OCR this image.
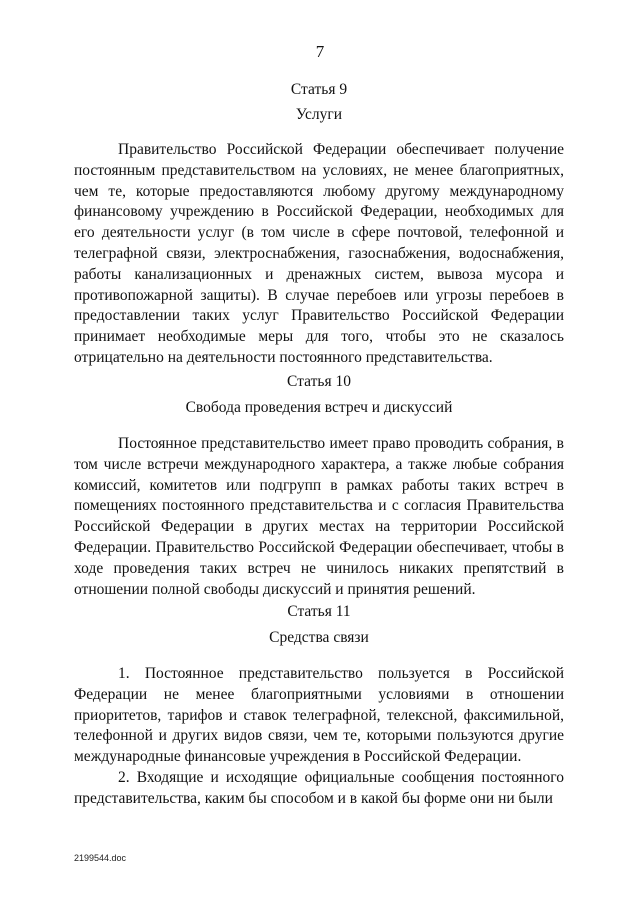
7
Статья 9
Услуги

Правительство Российской Федерации обеспечивает получение постоянным представительством на условиях, не менее благоприятных, чем те, которые предоставляются любому другому международному финансовому учреждению в Российской Федерации, необходимых для его деятельности услуг (в том числе в сфере почтовой, телефонной и телеграфной связи, электроснабжения, газоснабжения, водоснабжения, работы канализационных и дренажных систем, вывоза мусора и противопожарной защиты). В случае перебоев или угрозы перебоев в предоставлении таких услуг Правительство Российской Федерации принимает необходимые меры для того, чтобы это не сказалось отрицательно на деятельности постоянного представительства.

Статья 10
Свобода проведения встреч и дискуссий

Постоянное представительство имеет право проводить собрания, в том числе встречи международного характера, а также любые собрания комиссий, комитетов или подгрупп в рамках работы таких встреч в помещениях постоянного представительства и с согласия Правительства Российской Федерации в других местах на территории Российской Федерации. Правительство Российской Федерации обеспечивает, чтобы в ходе проведения таких встреч не чинилось никаких препятствий в отношении полной свободы дискуссий и принятия решений.

Статья 11
Средства связи

1. Постоянное представительство пользуется в Российской Федерации не менее благоприятными условиями в отношении приоритетов, тарифов и ставок телеграфной, телексной, факсимильной, телефонной и других видов связи, чем те, которыми пользуются другие международные финансовые учреждения в Российской Федерации.

2. Входящие и исходящие официальные сообщения постоянного представительства, каким бы способом и в какой бы форме они ни были

2199544.doc
